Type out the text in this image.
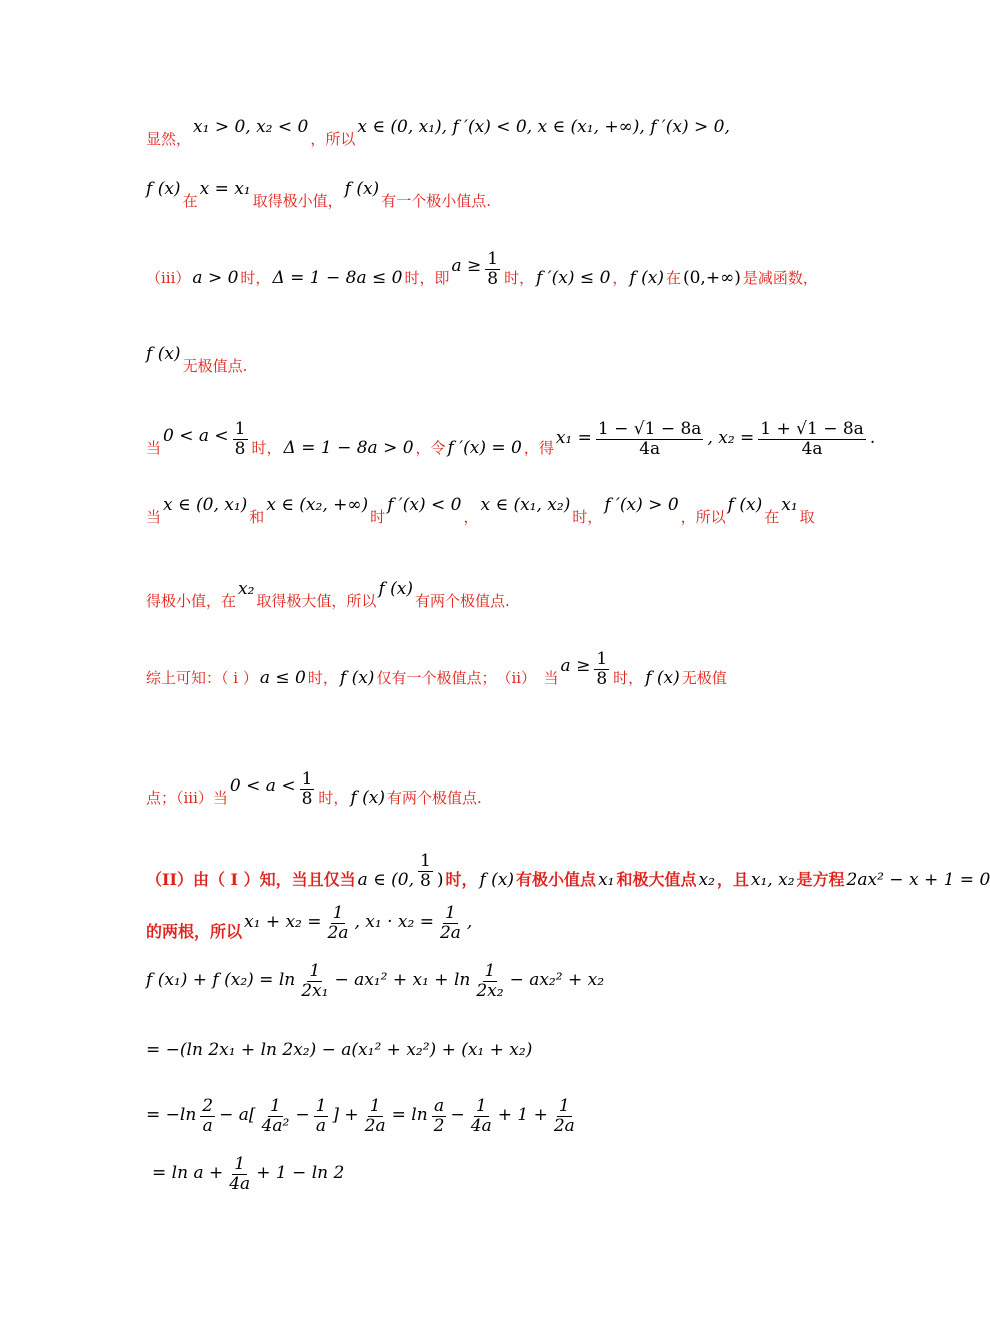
显然，
x₁ > 0, x₂ < 0
，所以
x ∈ (0, x₁), f ′(x) < 0, x ∈ (x₁, +∞), f ′(x) > 0,
f (x)
在
x = x₁
取得极小值，
f (x)
有一个极小值点.
（iii） a > 0 时， Δ = 1 − 8a ≤ 0 时，即
$a \ge \frac{1}{8}$ 时， f ′(x) ≤ 0 ， f (x) 在 (0,+∞) 是减函数，
f (x)
无极值点.
当
$0 < a < \frac{1}{8}$ 时， Δ = 1 − 8a > 0 ，令 f ′(x) = 0 ，得 $x_1 = \frac{1 - √1 - 8a}{4a}$ , $x_2 = \frac{1 + √1 - 8a}{4a}$ .
当
x ∈ (0, x₁)
和
x ∈ (x₂, +∞)
时
f ′(x) < 0
，
x ∈ (x₁, x₂)
时，
f ′(x) > 0
，所以
f (x)
在
x₁
取
得极小值，在
x₂
取得极大值，所以
f (x)
有两个极值点.
综上可知：（ i ） a ≤ 0 时， f (x) 仅有一个极值点；　（ii）　当
$a \ge \frac{1}{8}$ 时， f (x) 无极值
点；（iii）当
$0 < a < \frac{1}{8}$ 时， f (x) 有两个极值点.
（II）由（ I ）知，当且仅当 a ∈ (0, $\frac{1}{8}$ ) 时， f (x) 有极小值点 x₁ 和极大值点 x₂ ，且 x₁, x₂ 是方程 2ax² − x + 1 = 0
的两根，所以 $x_1 + x_2 = \frac{1}{2a}$ , $x_1 \cdot x_2 = \frac{1}{2a}$ ,
f (x₁) + f $(x_2) = \ln \frac{1}{\text{2x₁}} - ax_1^2 + x_1 + \ln \frac{1}{\text{2x₂}} - ax_2^2 + x_2$
= −(ln 2x₁ + ln 2x₂) − a(x₁² + x₂²) + (x₁ + x₂)
= $-\ln \frac{2}{a} - a[ \frac{1}{\text{4a²}} - \frac{1}{a}$ ] + $\frac{1}{2a} = \ln \frac{a}{2} - \frac{1}{4a} + 1 + \frac{1}{2a}$
= $\ln a + \frac{1}{4a} + 1 - \ln 2$
